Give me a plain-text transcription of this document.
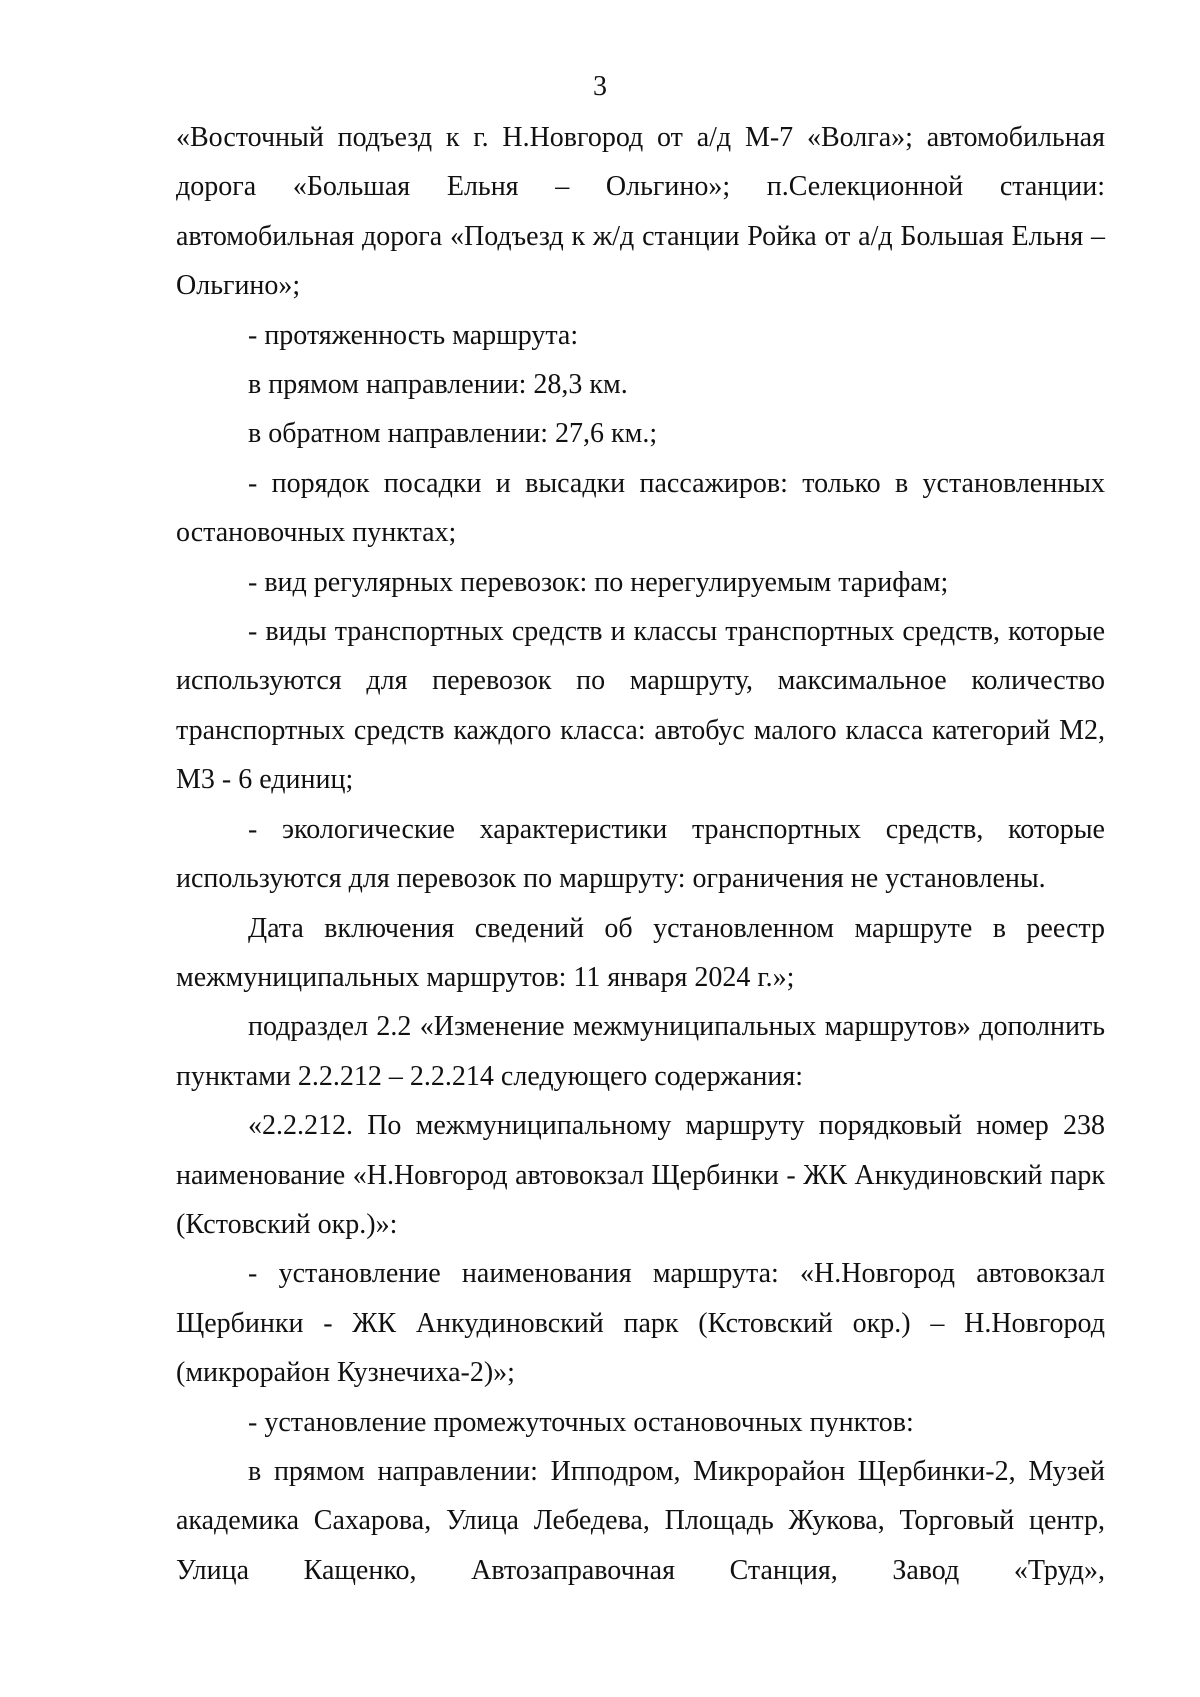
3

«Восточный подъезд к г. Н.Новгород от а/д М-7 «Волга»; автомобильная дорога «Большая Ельня – Ольгино»; п.Селекционной станции: автомобильная дорога «Подъезд к ж/д станции Ройка от а/д Большая Ельня – Ольгино»;

- протяженность маршрута:

в прямом направлении: 28,3 км.

в обратном направлении: 27,6 км.;

- порядок посадки и высадки пассажиров: только в установленных остановочных пунктах;

- вид регулярных перевозок: по нерегулируемым тарифам;

- виды транспортных средств и классы транспортных средств, которые используются для перевозок по маршруту, максимальное количество транспортных средств каждого класса: автобус малого класса категорий М2, М3 - 6 единиц;

- экологические характеристики транспортных средств, которые используются для перевозок по маршруту: ограничения не установлены.

Дата включения сведений об установленном маршруте в реестр межмуниципальных маршрутов: 11 января 2024 г.»;

подраздел 2.2 «Изменение межмуниципальных маршрутов» дополнить пунктами 2.2.212 – 2.2.214 следующего содержания:

«2.2.212. По межмуниципальному маршруту порядковый номер 238 наименование «Н.Новгород автовокзал Щербинки - ЖК Анкудиновский парк (Кстовский окр.)»:

- установление наименования маршрута: «Н.Новгород автовокзал Щербинки - ЖК Анкудиновский парк (Кстовский окр.) – Н.Новгород (микрорайон Кузнечиха-2)»;

- установление промежуточных остановочных пунктов:

в прямом направлении: Ипподром, Микрорайон Щербинки-2, Музей академика Сахарова, Улица Лебедева, Площадь Жукова, Торговый центр, Улица Кащенко, Автозаправочная Станция, Завод «Труд»,
